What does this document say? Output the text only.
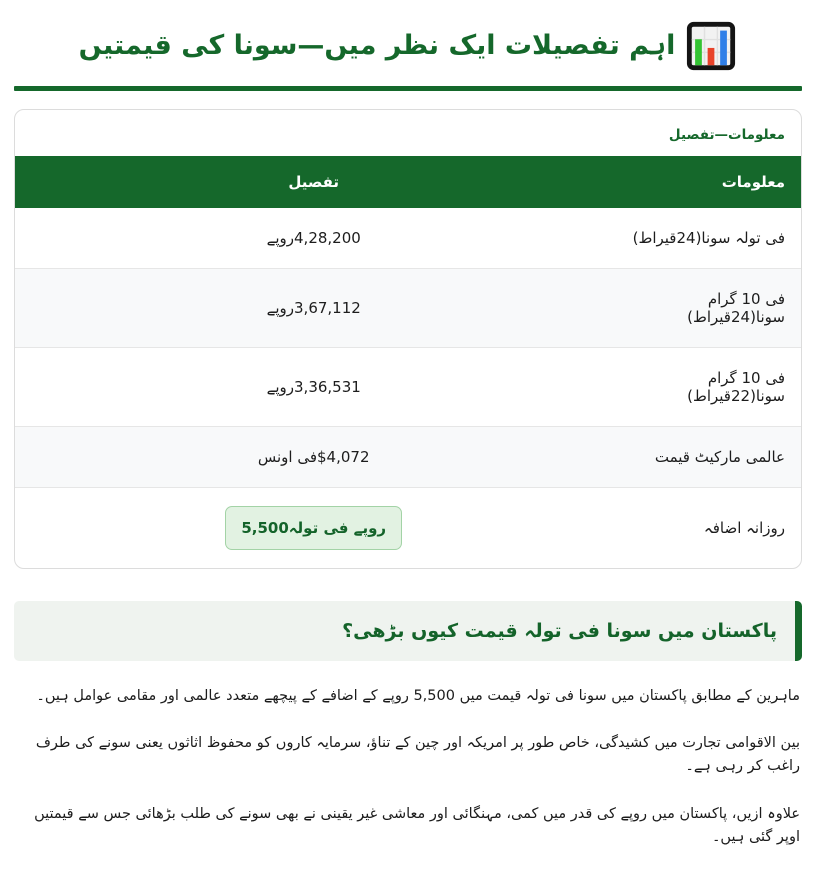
اہم تفصیلات ایک نظر میں—سونا کی قیمتیں
معلومات—تفصیل
معلومات	تفصیل
فی تولہ سونا(24قیراط)	4,28,200روپے
فی 10 گرام سونا(24قیراط)	3,67,112روپے
فی 10 گرام سونا(22قیراط)	3,36,531روپے
عالمی مارکیٹ قیمت	$4,072فی اونس
روزانہ اضافہ	5,500روپے فی تولہ
پاکستان میں سونا فی تولہ قیمت کیوں بڑھی؟

ماہرین کے مطابق پاکستان میں سونا فی تولہ قیمت میں 5,500 روپے کے اضافے کے پیچھے متعدد عالمی اور مقامی عوامل ہیں۔

بین الاقوامی تجارت میں کشیدگی، خاص طور پر امریکہ اور چین کے تناؤ، سرمایہ کاروں کو محفوظ اثاثوں یعنی سونے کی طرف راغب کر رہی ہے۔

علاوہ ازیں، پاکستان میں روپے کی قدر میں کمی، مہنگائی اور معاشی غیر یقینی نے بھی سونے کی طلب بڑھائی جس سے قیمتیں اوپر گئی ہیں۔
